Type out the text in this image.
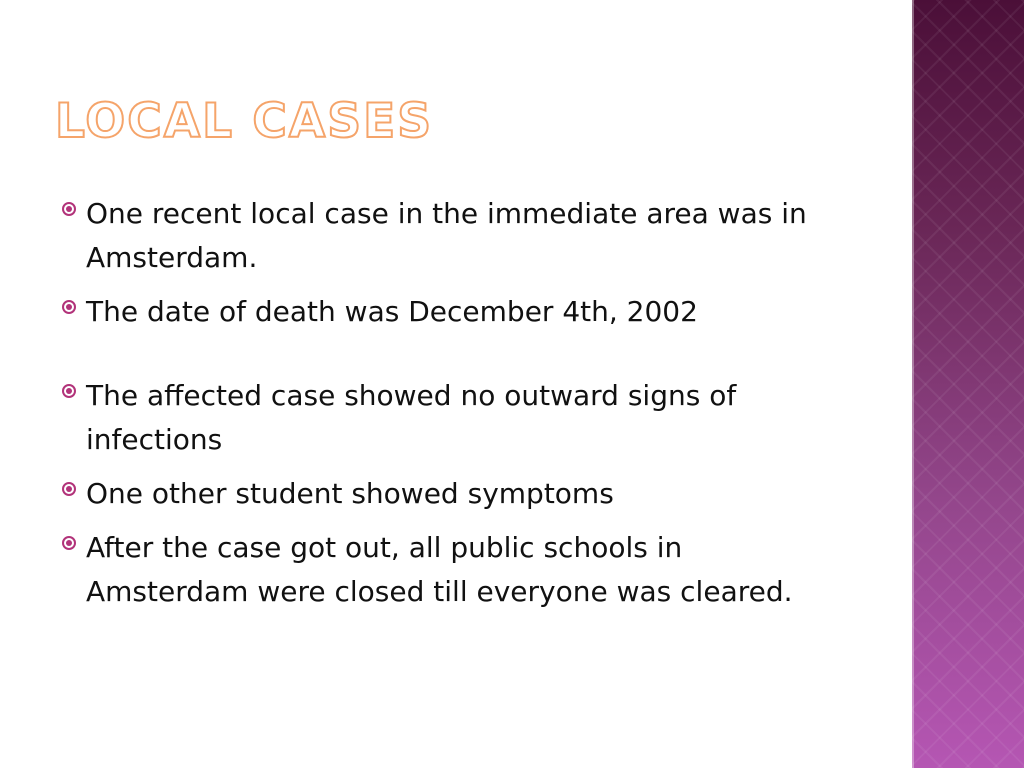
LOCAL CASES
One recent local case in the immediate area was in Amsterdam.
The date of death was December 4th, 2002
The affected case showed no outward signs of infections
One other student showed symptoms
After the case got out, all public schools in Amsterdam were closed till everyone was cleared.
